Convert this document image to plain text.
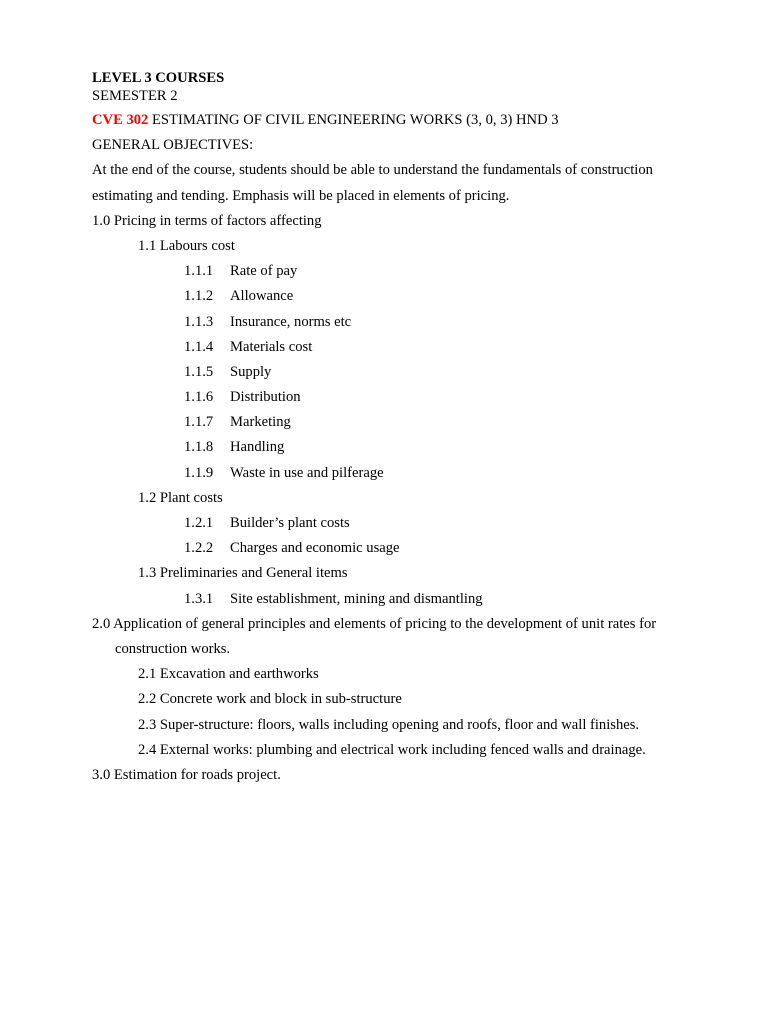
LEVEL 3 COURSES
SEMESTER 2
CVE 302 ESTIMATING OF CIVIL ENGINEERING WORKS (3, 0, 3) HND 3
GENERAL OBJECTIVES:
At the end of the course, students should be able to understand the fundamentals of construction
estimating and tending. Emphasis will be placed in elements of pricing.
1.0 Pricing in terms of factors affecting
1.1 Labours cost
1.1.1 Rate of pay
1.1.2 Allowance
1.1.3 Insurance, norms etc
1.1.4 Materials cost
1.1.5 Supply
1.1.6 Distribution
1.1.7 Marketing
1.1.8 Handling
1.1.9 Waste in use and pilferage
1.2 Plant costs
1.2.1 Builder’s plant costs
1.2.2 Charges and economic usage
1.3 Preliminaries and General items
1.3.1 Site establishment, mining and dismantling
2.0 Application of general principles and elements of pricing to the development of unit rates for
construction works.
2.1 Excavation and earthworks
2.2 Concrete work and block in sub-structure
2.3 Super-structure: floors, walls including opening and roofs, floor and wall finishes.
2.4 External works: plumbing and electrical work including fenced walls and drainage.
3.0 Estimation for roads project.
